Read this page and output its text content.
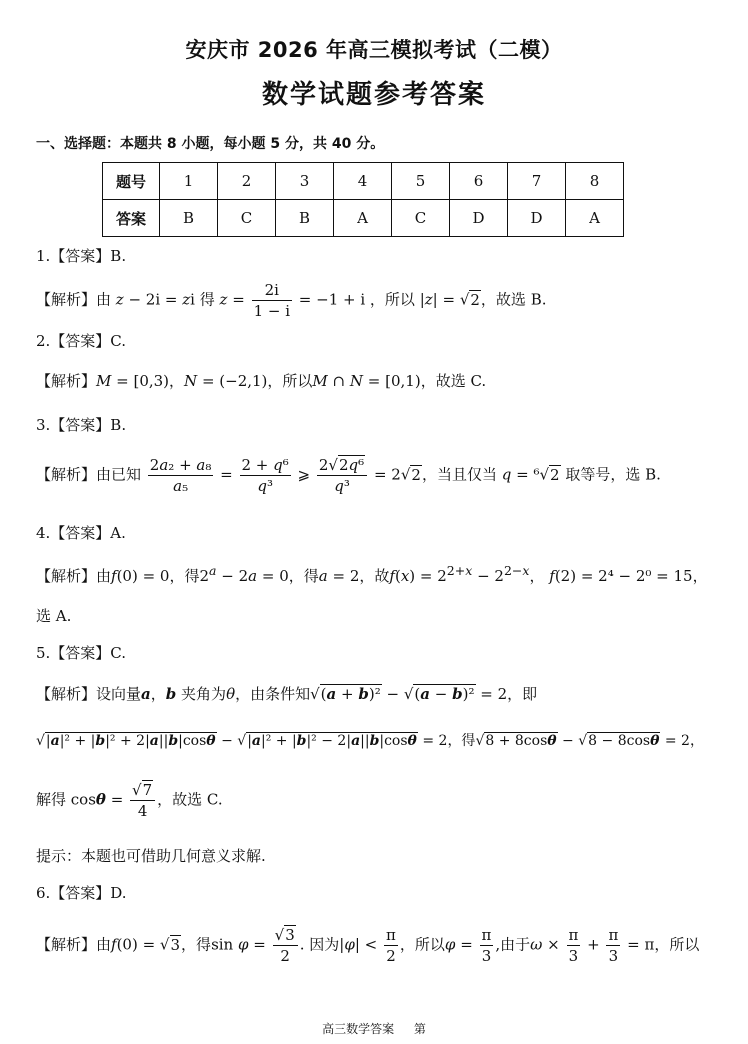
安庆市 2026 年高三模拟考试（二模）
数学试题参考答案
一、选择题：本题共 8 小题，每小题 5 分，共 40 分。
题号	1	2	3	4	5	6	7	8
答案	B	C	B	A	C	D	D	A
1.【答案】B.
【解析】由 z − 2i = zi 得 $z = \frac{2i}{1 - i} = -1 + i$ ，所以 |z| = √2，故选 B.
2.【答案】C.
【解析】M = [0,3)，N = (−2,1)，所以M ∩ N = [0,1)，故选 C.
3.【答案】B.
【解析】由已知 $\frac{\text{2a₂ + a₈}}{\text{a₅}} = \frac{\text{2 + q⁶}}{\text{q³}}$ ⩾ $\frac{\text{2√2q⁶}}{\text{q³}} = 2√2$，当且仅当 q = ⁶√2 取等号，选 B.
4.【答案】A.
【解析】由f(0) = 0，得$2^a - 2a = 0$，得a = 2，故$f(x) = 2^{2+x} - 2^{2-x}$， f(2) = 2⁴ − 2⁰ = 15，
选 A.
5.【答案】C.
【解析】设向量a，b 夹角为θ，由条件知√(a + b)² − √(a − b)² = 2，即
√|a|² + |b|² + 2|a||b|cosθ − √|a|² + |b|² − 2|a||b|cosθ = 2，得√8 + 8cosθ − √8 − 8cosθ = 2，
解得 $\cos\theta = \frac{√7}{4}$ ，故选 C.
提示：本题也可借助几何意义求解.
6.【答案】D.
【解析】由f(0) = √3，得$\sin \varphi = \frac{√3}{2}$ . 因为$|\varphi| < \frac{\pi}{2}$ ，所以$\varphi = \frac{\pi}{3}$ ,由于$\omega \times \frac{\pi}{3} + \frac{\pi}{3} = \pi$，所以
高三数学答案 第
